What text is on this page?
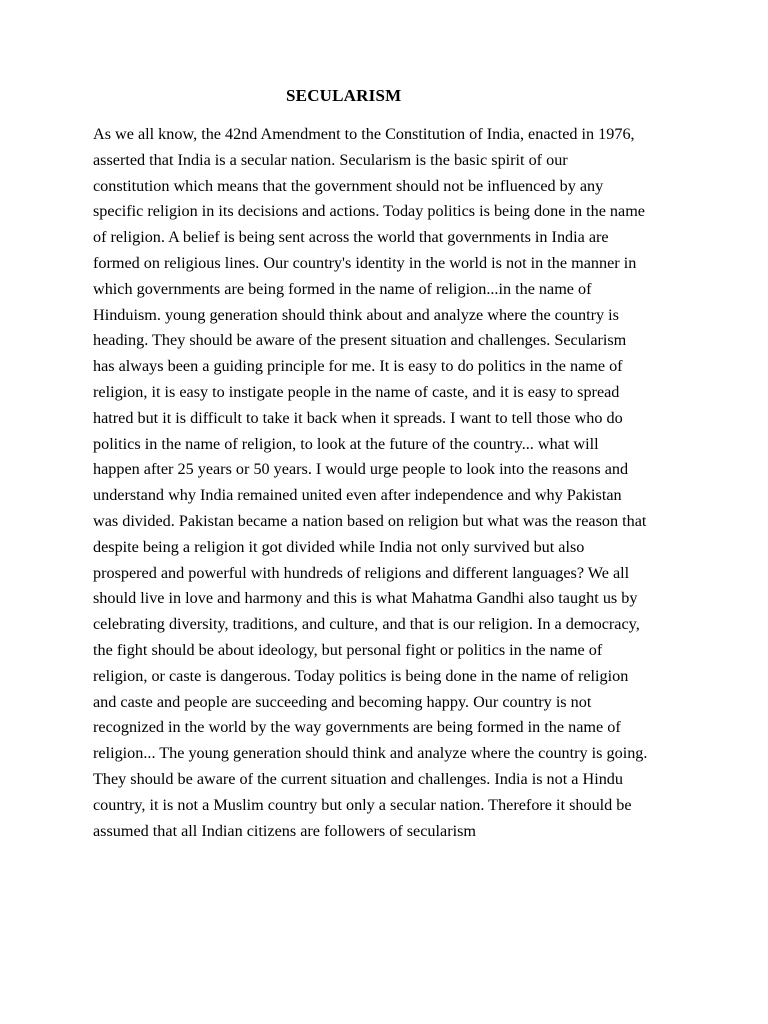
SECULARISM
As we all know, the 42nd Amendment to the Constitution of India, enacted in 1976,
asserted that India is a secular nation. Secularism is the basic spirit of our
constitution which means that the government should not be influenced by any
specific religion in its decisions and actions. Today politics is being done in the name
of religion. A belief is being sent across the world that governments in India are
formed on religious lines. Our country's identity in the world is not in the manner in
which governments are being formed in the name of religion...in the name of
Hinduism. young generation should think about and analyze where the country is
heading. They should be aware of the present situation and challenges. Secularism
has always been a guiding principle for me. It is easy to do politics in the name of
religion, it is easy to instigate people in the name of caste, and it is easy to spread
hatred but it is difficult to take it back when it spreads. I want to tell those who do
politics in the name of religion, to look at the future of the country... what will
happen after 25 years or 50 years. I would urge people to look into the reasons and
understand why India remained united even after independence and why Pakistan
was divided. Pakistan became a nation based on religion but what was the reason that
despite being a religion it got divided while India not only survived but also
prospered and powerful with hundreds of religions and different languages? We all
should live in love and harmony and this is what Mahatma Gandhi also taught us by
celebrating diversity, traditions, and culture, and that is our religion. In a democracy,
the fight should be about ideology, but personal fight or politics in the name of
religion, or caste is dangerous. Today politics is being done in the name of religion
and caste and people are succeeding and becoming happy. Our country is not
recognized in the world by the way governments are being formed in the name of
religion... The young generation should think and analyze where the country is going.
They should be aware of the current situation and challenges. India is not a Hindu
country, it is not a Muslim country but only a secular nation. Therefore it should be
assumed that all Indian citizens are followers of secularism
